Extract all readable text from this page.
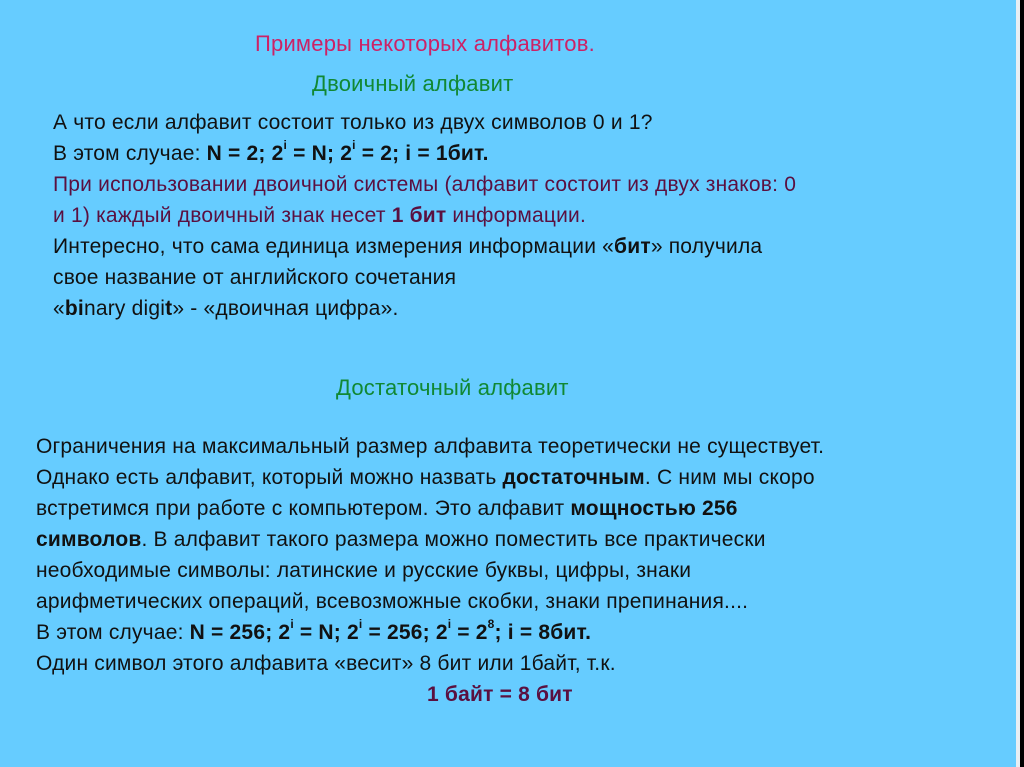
Примеры некоторых алфавитов.
Двоичный алфавит
А что если алфавит состоит только из двух символов 0 и 1?
В этом случае: N = 2; $2^i = N$; $2^i = 2$; i = 1бит.
При использовании двоичной системы (алфавит состоит из двух знаков: 0
и 1) каждый двоичный знак несет 1 бит информации.
Интересно, что сама единица измерения информации «бит» получила
свое название от английского сочетания
«binary digit» - «двоичная цифра».
Достаточный алфавит
Ограничения на максимальный размер алфавита теоретически не существует.
Однако есть алфавит, который можно назвать достаточным. С ним мы скоро
встретимся при работе с компьютером. Это алфавит мощностью 256
символов. В алфавит такого размера можно поместить все практически
необходимые символы: латинские и русские буквы, цифры, знаки
арифметических операций, всевозможные скобки, знаки препинания....
В этом случае: N = 256; $2^i = N$; $2^i = 256$; $2^i = 2^8$; i = 8бит.
Один символ этого алфавита «весит» 8 бит или 1байт, т.к.
1 байт = 8 бит
